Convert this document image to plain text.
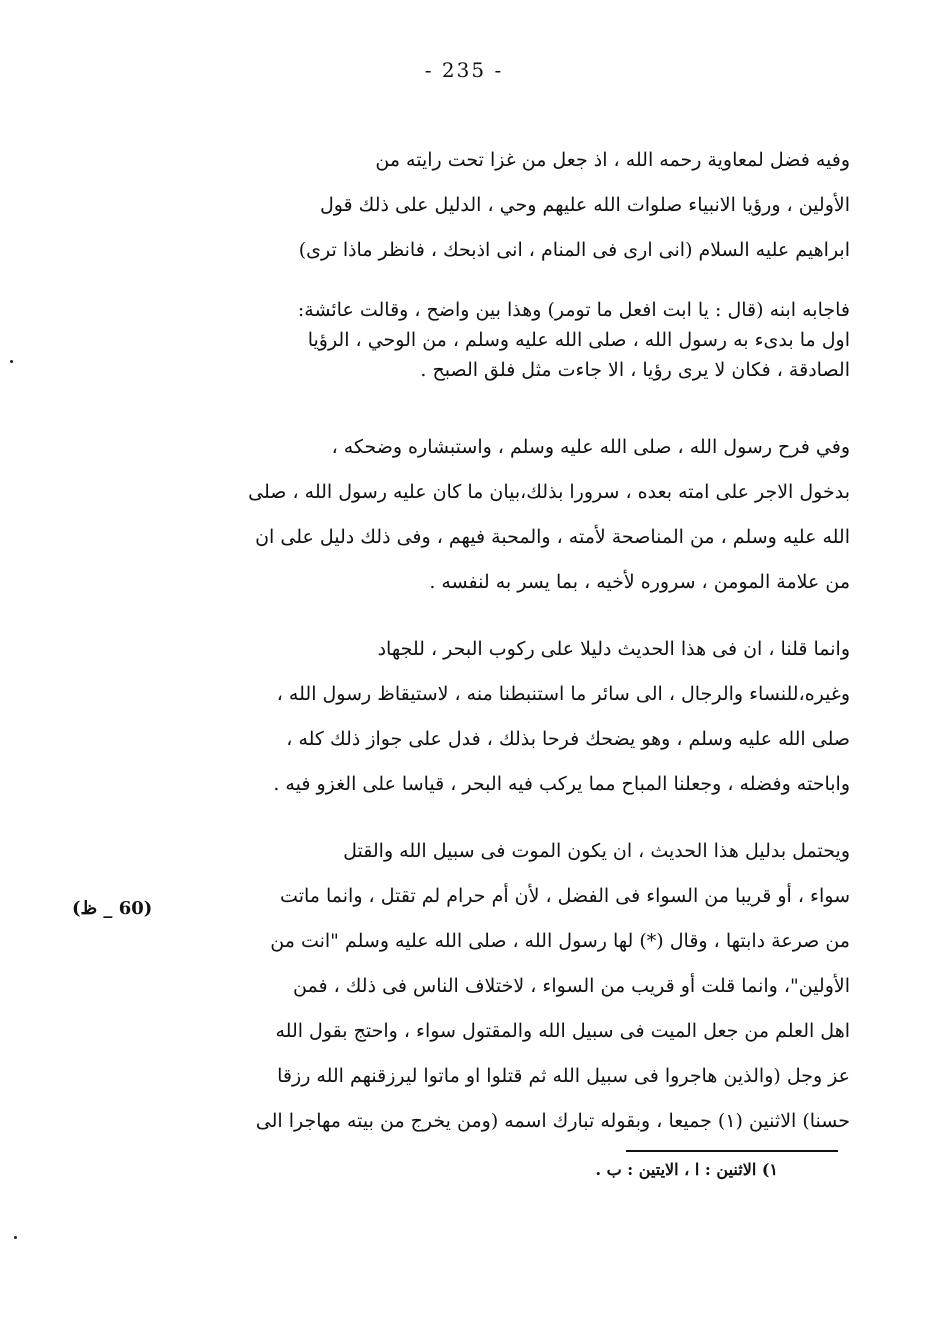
- 235 -
وفيه فضل لمعاوية رحمه الله ، اذ جعل من غزا تحت رايته من
الأولين ، ورؤيا الانبياء صلوات الله عليهم وحي ، الدليل على ذلك قول
ابراهيم عليه السلام (انى ارى فى المنام ، انى اذبحك ، فانظر ماذا ترى)
فاجابه ابنه (قال : يا ابت افعل ما تومر) وهذا بين واضح ، وقالت عائشة:
اول ما بدىء به رسول الله ، صلى الله عليه وسلم ، من الوحي ، الرؤيا
الصادقة ، فكان لا يرى رؤيا ، الا جاءت مثل فلق الصبح .
وفي فرح رسول الله ، صلى الله عليه وسلم ، واستبشاره وضحكه ،
بدخول الاجر على امته بعده ، سرورا بذلك،بيان ما كان عليه رسول الله ، صلى
الله عليه وسلم ، من المناصحة لأمته ، والمحبة فيهم ، وفى ذلك دليل على ان
من علامة المومن ، سروره لأخيه ، بما يسر به لنفسه .
وانما قلنا ، ان فى هذا الحديث دليلا على ركوب البحر ، للجهاد
وغيره،للنساء والرجال ، الى سائر ما استنبطنا منه ، لاستيقاظ رسول الله ،
صلى الله عليه وسلم ، وهو يضحك فرحا بذلك ، فدل على جواز ذلك كله ،
واباحته وفضله ، وجعلنا المباح مما يركب فيه البحر ، قياسا على الغزو فيه .
ويحتمل بدليل هذا الحديث ، ان يكون الموت فى سبيل الله والقتل
سواء ، أو قريبا من السواء فى الفضل ، لأن أم حرام لم تقتل ، وانما ماتت
من صرعة دابتها ، وقال (*) لها رسول الله ، صلى الله عليه وسلم "انت من
الأولين"، وانما قلت أو قريب من السواء ، لاختلاف الناس فى ذلك ، فمن
اهل العلم من جعل الميت فى سبيل الله والمقتول سواء ، واحتج بقول الله
عز وجل (والذين هاجروا فى سبيل الله ثم قتلوا او ماتوا ليرزقنهم الله رزقا
حسنا) الاثنين (١) جميعا ، وبقوله تبارك اسمه (ومن يخرج من بيته مهاجرا الى
(60 _ ظ)
١) الاثنين : ا ، الايتين : ب .
